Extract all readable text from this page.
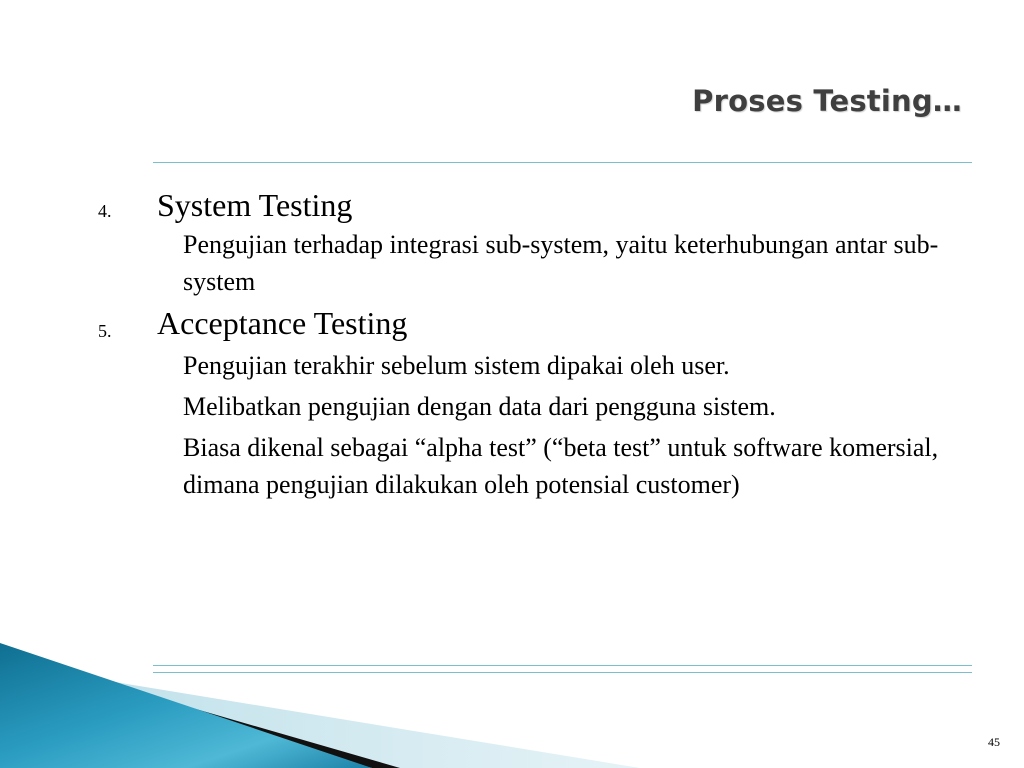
Proses Testing…
4.	System Testing
Pengujian terhadap integrasi sub-system, yaitu keterhubungan antar sub-system
5.	Acceptance Testing
Pengujian terakhir sebelum sistem dipakai oleh user.
Melibatkan pengujian dengan data dari pengguna sistem.
Biasa dikenal sebagai “alpha test” (“beta test” untuk software komersial, dimana pengujian dilakukan oleh potensial customer)
45
